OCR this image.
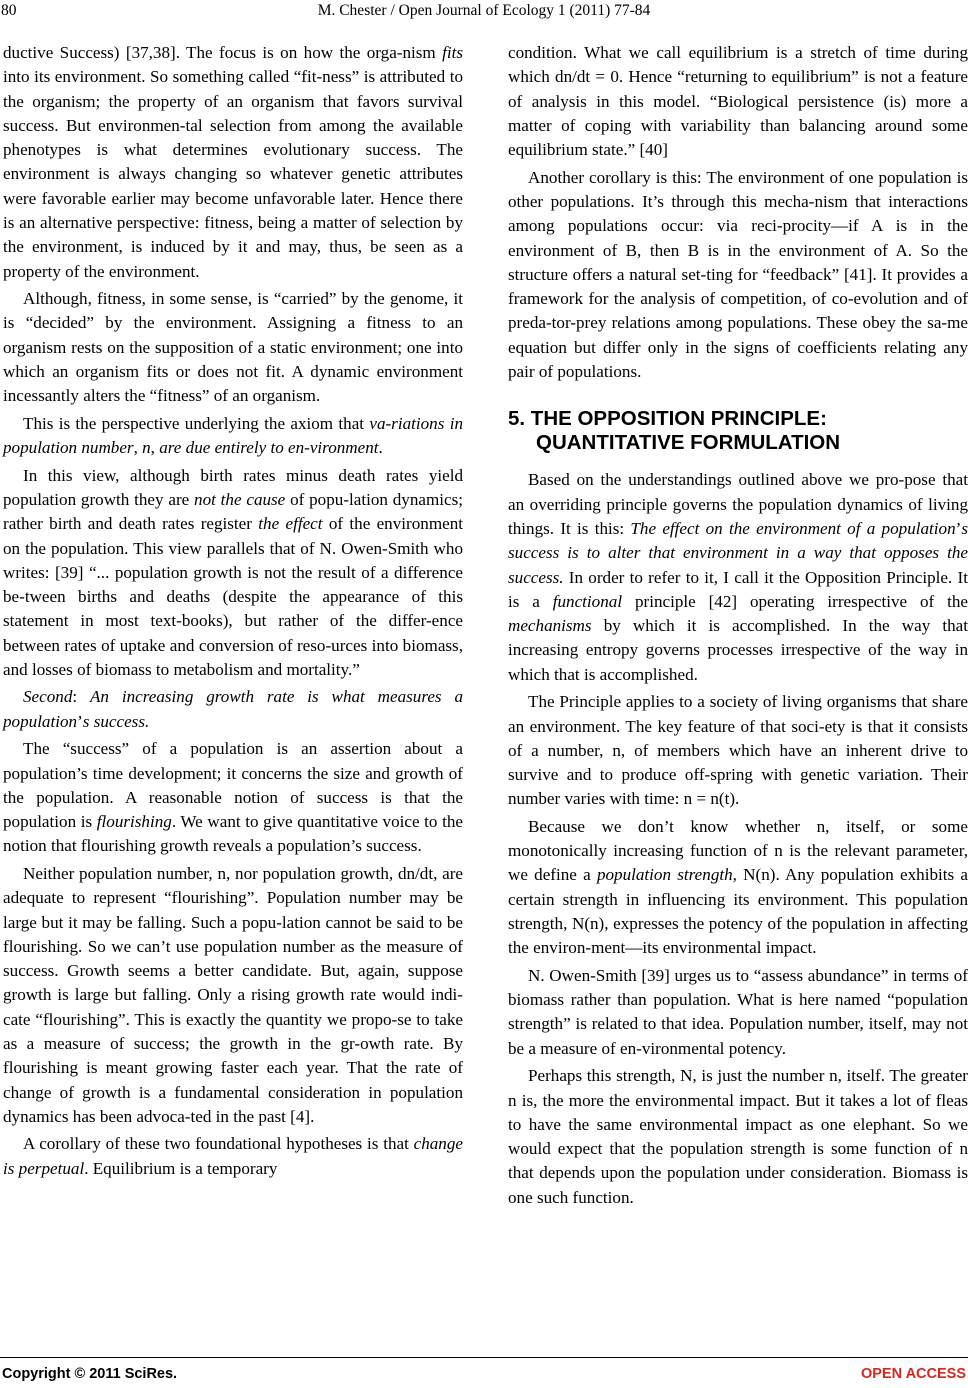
80	M. Chester / Open Journal of Ecology 1 (2011) 77-84

ductive Success) [37,38]. The focus is on how the orga-nism fits into its environment. So something called “fit-ness” is attributed to the organism; the property of an organism that favors survival success. But environmen-tal selection from among the available phenotypes is what determines evolutionary success. The environment is always changing so whatever genetic attributes were favorable earlier may become unfavorable later. Hence there is an alternative perspective: fitness, being a matter of selection by the environment, is induced by it and may, thus, be seen as a property of the environment.

Although, fitness, in some sense, is “carried” by the genome, it is “decided” by the environment. Assigning a fitness to an organism rests on the supposition of a static environment; one into which an organism fits or does not fit. A dynamic environment incessantly alters the “fitness” of an organism.

This is the perspective underlying the axiom that va-riations in population number, n, are due entirely to en-vironment.

In this view, although birth rates minus death rates yield population growth they are not the cause of popu-lation dynamics; rather birth and death rates register the effect of the environment on the population. This view parallels that of N. Owen-Smith who writes: [39] “... population growth is not the result of a difference be-tween births and deaths (despite the appearance of this statement in most text-books), but rather of the differ-ence between rates of uptake and conversion of reso-urces into biomass, and losses of biomass to metabolism and mortality.”

Second: An increasing growth rate is what measures a population’s success.

The “success” of a population is an assertion about a population’s time development; it concerns the size and growth of the population. A reasonable notion of success is that the population is flourishing. We want to give quantitative voice to the notion that flourishing growth reveals a population’s success.

Neither population number, n, nor population growth, dn/dt, are adequate to represent “flourishing”. Population number may be large but it may be falling. Such a popu-lation cannot be said to be flourishing. So we can’t use population number as the measure of success. Growth seems a better candidate. But, again, suppose growth is large but falling. Only a rising growth rate would indi-cate “flourishing”. This is exactly the quantity we propo-se to take as a measure of success; the growth in the gr-owth rate. By flourishing is meant growing faster each year. That the rate of change of growth is a fundamental consideration in population dynamics has been advoca-ted in the past [4].

A corollary of these two foundational hypotheses is that change is perpetual. Equilibrium is a temporary

condition. What we call equilibrium is a stretch of time during which dn/dt = 0. Hence “returning to equilibrium” is not a feature of analysis in this model. “Biological persistence (is) more a matter of coping with variability than balancing around some equilibrium state.” [40]

Another corollary is this: The environment of one population is other populations. It’s through this mecha-nism that interactions among populations occur: via reci-procity—if A is in the environment of B, then B is in the environment of A. So the structure offers a natural set-ting for “feedback” [41]. It provides a framework for the analysis of competition, of co-evolution and of preda-tor-prey relations among populations. These obey the sa-me equation but differ only in the signs of coefficients relating any pair of populations.

5. THE OPPOSITION PRINCIPLE:
QUANTITATIVE FORMULATION

Based on the understandings outlined above we pro-pose that an overriding principle governs the population dynamics of living things. It is this: The effect on the environment of a population’s success is to alter that environment in a way that opposes the success. In order to refer to it, I call it the Opposition Principle. It is a functional principle [42] operating irrespective of the mechanisms by which it is accomplished. In the way that increasing entropy governs processes irrespective of the way in which that is accomplished.

The Principle applies to a society of living organisms that share an environment. The key feature of that soci-ety is that it consists of a number, n, of members which have an inherent drive to survive and to produce off-spring with genetic variation. Their number varies with time: n = n(t).

Because we don’t know whether n, itself, or some monotonically increasing function of n is the relevant parameter, we define a population strength, N(n). Any population exhibits a certain strength in influencing its environment. This population strength, N(n), expresses the potency of the population in affecting the environ-ment—its environmental impact.

N. Owen-Smith [39] urges us to “assess abundance” in terms of biomass rather than population. What is here named “population strength” is related to that idea. Population number, itself, may not be a measure of en-vironmental potency.

Perhaps this strength, N, is just the number n, itself. The greater n is, the more the environmental impact. But it takes a lot of fleas to have the same environmental impact as one elephant. So we would expect that the population strength is some function of n that depends upon the population under consideration. Biomass is one such function.

Copyright © 2011 SciRes.	OPEN ACCESS
